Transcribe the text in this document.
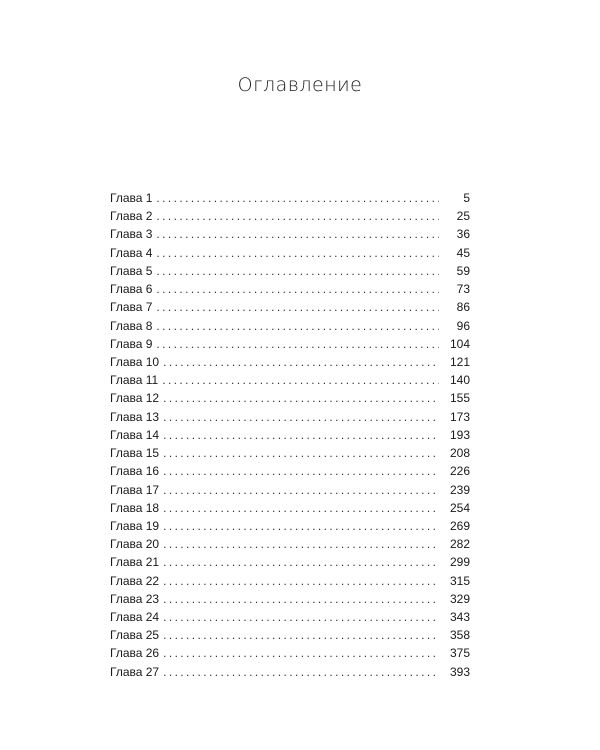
Оглавление
Глава 1 .....	5
Глава 2 .....	25
Глава 3 .....	36
Глава 4 .....	45
Глава 5 .....	59
Глава 6 .....	73
Глава 7 .....	86
Глава 8 .....	96
Глава 9 .....	104
Глава 10 .....	121
Глава 11 .....	140
Глава 12 .....	155
Глава 13 .....	173
Глава 14 .....	193
Глава 15 .....	208
Глава 16 .....	226
Глава 17 .....	239
Глава 18 .....	254
Глава 19 .....	269
Глава 20 .....	282
Глава 21 .....	299
Глава 22 .....	315
Глава 23 .....	329
Глава 24 .....	343
Глава 25 .....	358
Глава 26 .....	375
Глава 27 .....	393
